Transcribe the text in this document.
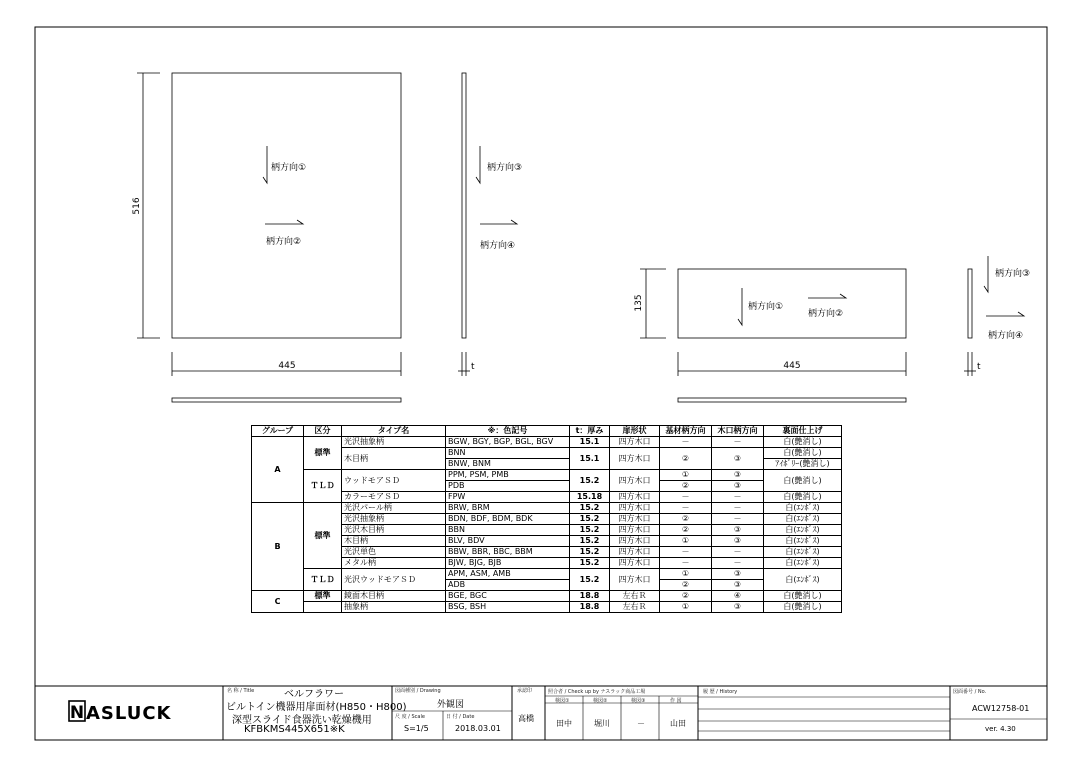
516
445
柄方向①
柄方向②
柄方向③
柄方向④
t
135
445
柄方向①
柄方向②
柄方向③
柄方向④
t
グループ	区分	タイプ名	※：色記号	t：厚み	扉形状	基材柄方向	木口柄方向	裏面仕上げ
A	標準	光沢抽象柄	BGW, BGY, BGP, BGL, BGV	15.1	四方木口	－	－	白(艶消し)
		木目柄	BNN	15.1	四方木口	②	③	白(艶消し)
			BNW, BNM					ｱｲﾎﾞﾘｰ(艶消し)
	ＴＬＤ	ウッドモアＳＤ	PPM, PSM, PMB	15.2	四方木口	①	③	白(艶消し)
			PDB			②	③	
		カラーモアＳＤ	FPW	15.18	四方木口	－	－	白(艶消し)
B	標準	光沢パール柄	BRW, BRM	15.2	四方木口	－	－	白(ｴﾝﾎﾞｽ)
		光沢抽象柄	BDN, BDF, BDM, BDK	15.2	四方木口	②	－	白(ｴﾝﾎﾞｽ)
		光沢木目柄	BBN	15.2	四方木口	②	③	白(ｴﾝﾎﾞｽ)
		木目柄	BLV, BDV	15.2	四方木口	①	③	白(ｴﾝﾎﾞｽ)
		光沢単色	BBW, BBR, BBC, BBM	15.2	四方木口	－	－	白(ｴﾝﾎﾞｽ)
		メタル柄	BJW, BJG, BJB	15.2	四方木口	－	－	白(ｴﾝﾎﾞｽ)
	ＴＬＤ	光沢ウッドモアＳＤ	APM, ASM, AMB	15.2	四方木口	①	③	白(ｴﾝﾎﾞｽ)
			ADB			②	③	
C	標準	鏡面木目柄	BGE, BGC	18.8	左右Ｒ	②	④	白(艶消し)
		抽象柄	BSG, BSH	18.8	左右Ｒ	①	③	白(艶消し)
N ASLUCK
名 称 / Title	ベルフラワー
ビルトイン機器用扉面材(H850・H800)
深型スライド食器洗い乾燥機用
KFBKMS445X651※K
図面種別 / Drawing
外観図
尺 度 / Scale
S=1/5
日 付 / Date
2018.03.01
承認印
高橋
照合者 / Check up by ナスラック商品工場
検図①	検図②	検図③	作 図
田中	堀川	－	山田
履 歴 / History	図面番号 / No.
ACW12758-01
ver. 4.30
